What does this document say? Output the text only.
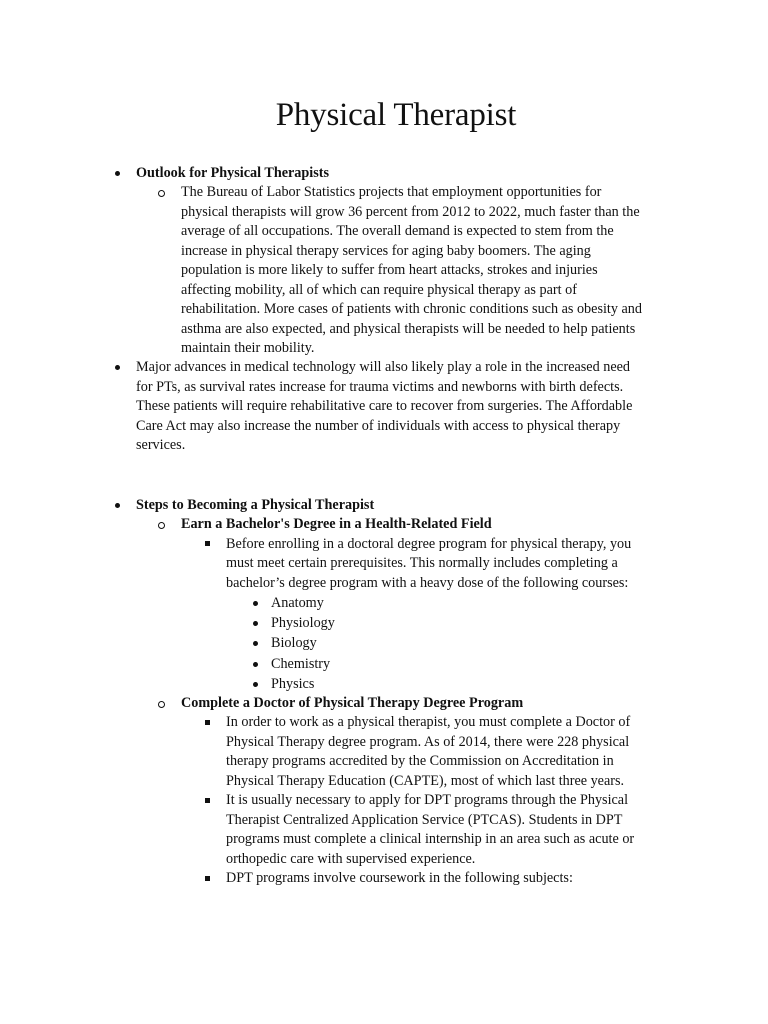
Physical Therapist
Outlook for Physical Therapists
The Bureau of Labor Statistics projects that employment opportunities for
physical therapists will grow 36 percent from 2012 to 2022, much faster than the
average of all occupations. The overall demand is expected to stem from the
increase in physical therapy services for aging baby boomers. The aging
population is more likely to suffer from heart attacks, strokes and injuries
affecting mobility, all of which can require physical therapy as part of
rehabilitation. More cases of patients with chronic conditions such as obesity and
asthma are also expected, and physical therapists will be needed to help patients
maintain their mobility.
Major advances in medical technology will also likely play a role in the increased need
for PTs, as survival rates increase for trauma victims and newborns with birth defects.
These patients will require rehabilitative care to recover from surgeries. The Affordable
Care Act may also increase the number of individuals with access to physical therapy
services.
Steps to Becoming a Physical Therapist
Earn a Bachelor's Degree in a Health-Related Field
Before enrolling in a doctoral degree program for physical therapy, you
must meet certain prerequisites. This normally includes completing a
bachelor’s degree program with a heavy dose of the following courses:
Anatomy
Physiology
Biology
Chemistry
Physics
Complete a Doctor of Physical Therapy Degree Program
In order to work as a physical therapist, you must complete a Doctor of
Physical Therapy degree program. As of 2014, there were 228 physical
therapy programs accredited by the Commission on Accreditation in
Physical Therapy Education (CAPTE), most of which last three years.
It is usually necessary to apply for DPT programs through the Physical
Therapist Centralized Application Service (PTCAS). Students in DPT
programs must complete a clinical internship in an area such as acute or
orthopedic care with supervised experience.
DPT programs involve coursework in the following subjects:
